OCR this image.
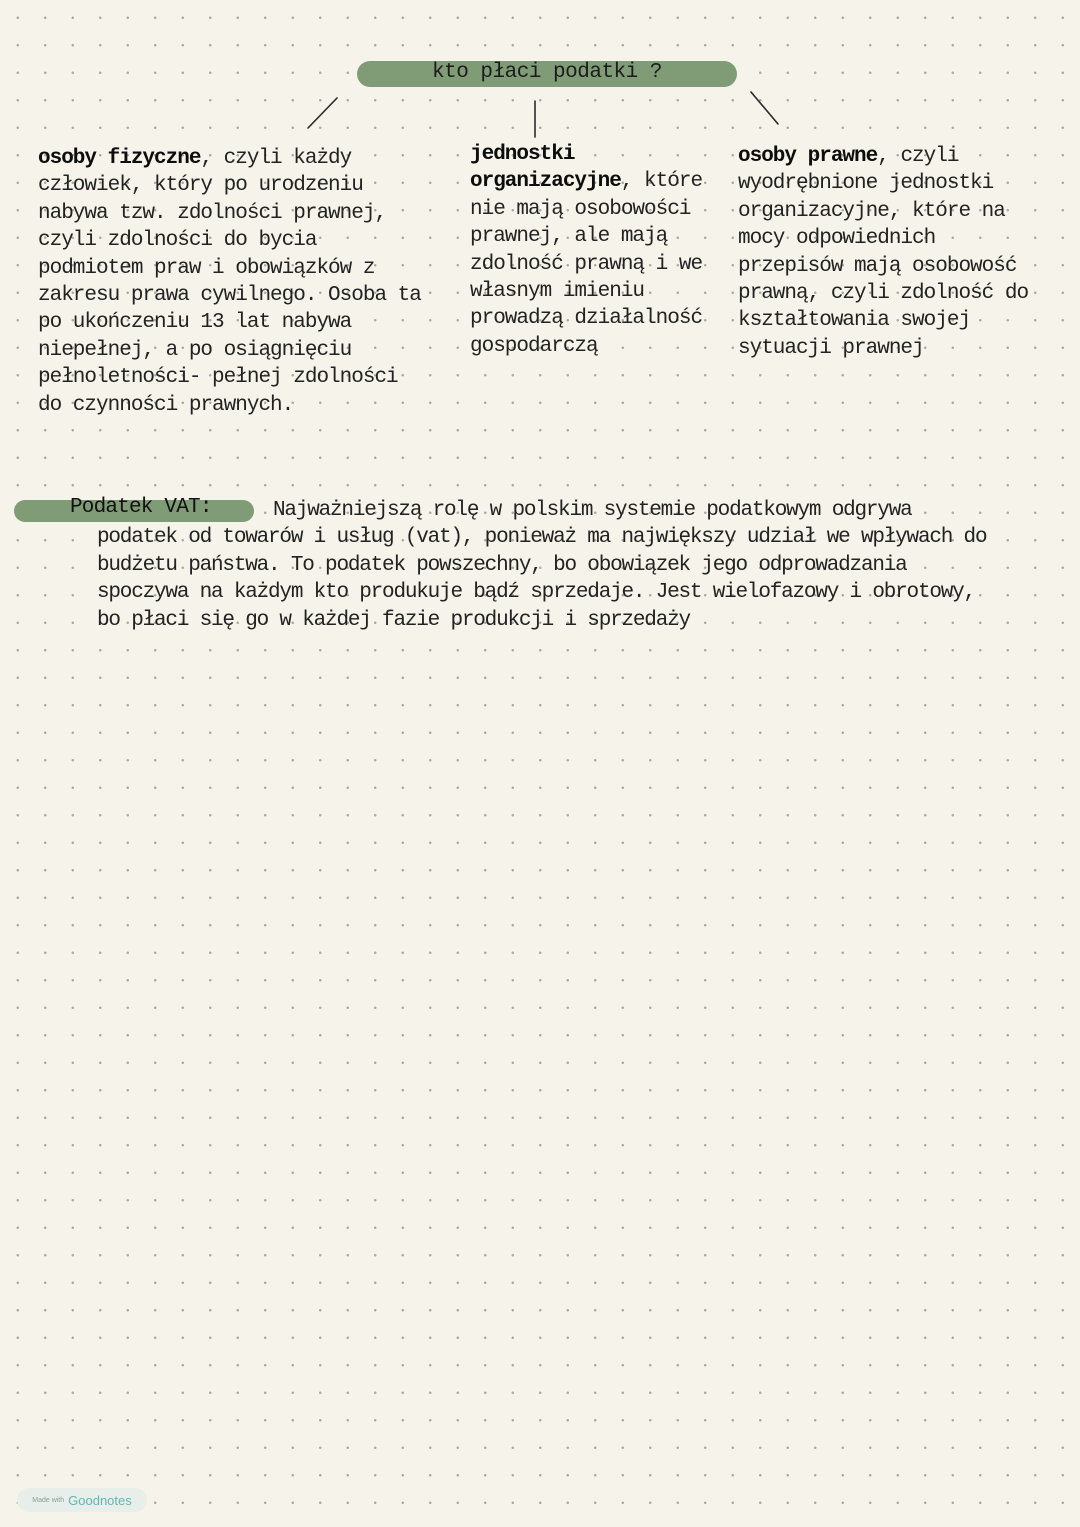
kto płaci podatki ?
osoby fizyczne, czyli każdy człowiek, który po urodzeniu nabywa tzw. zdolności prawnej, czyli zdolności do bycia podmiotem praw i obowiązków z zakresu prawa cywilnego. Osoba ta po ukończeniu 13 lat nabywa niepełnej, a po osiągnięciu pełnoletności- pełnej zdolności do czynności prawnych.
jednostki organizacyjne, które nie mają osobowości prawnej, ale mają zdolność prawną i we własnym imieniu prowadzą działalność gospodarczą
osoby prawne, czyli wyodrębnione jednostki organizacyjne, które na mocy odpowiednich przepisów mają osobowość prawną, czyli zdolność do kształtowania swojej sytuacji prawnej
Podatek VAT:	Najważniejszą rolę w polskim systemie podatkowym odgrywa podatek od towarów i usług (vat), ponieważ ma największy udział we wpływach do budżetu państwa. To podatek powszechny, bo obowiązek jego odprowadzania spoczywa na każdym kto produkuje bądź sprzedaje. Jest wielofazowy i obrotowy, bo płaci się go w każdej fazie produkcji i sprzedaży
Made with Goodnotes
